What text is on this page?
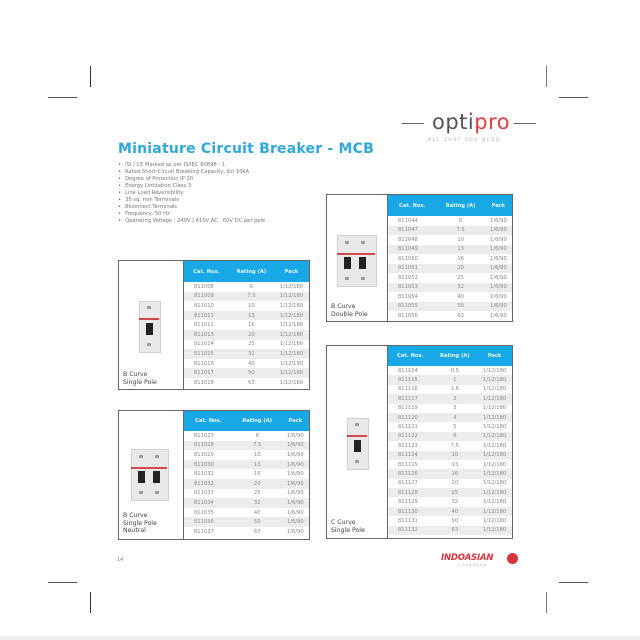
optipro
ALL THAT YOU NEED
Miniature Circuit Breaker - MCB
• ISI / CE Marked as per IS/IEC 60898 - 1
• Rated Short-Circuit Breaking Capacity, Icn 10kA
• Degree of Protection IP 20
• Energy Limitation Class 3
• Line Load Reversibility
• 35 sq. mm Terminals
• Biconnect Terminals
• Frequency: 50 Hz
• Operating Voltage : 240V / 415V AC , 60V DC per pole
B Curve
Double Pole
Cat. Nos.	Rating (A)	Pack
811044	6	1/6/90
811047	7.5	1/6/90
811048	10	1/6/90
811049	13	1/6/90
811050	16	1/6/90
811051	20	1/6/90
811052	25	1/6/90
811053	32	1/6/90
811054	40	1/6/90
811055	50	1/6/90
811056	63	1/6/90
B Curve
Single Pole
Cat. Nos.	Rating (A)	Pack
811008	6	1/12/180
811009	7.5	1/12/180
811010	10	1/12/180
811011	13	1/12/180
811012	16	1/12/180
811013	20	1/12/180
811014	25	1/12/180
811015	32	1/12/180
811016	40	1/12/180
811017	50	1/12/180
811018	63	1/12/180
C Curve
Single Pole
Cat. Nos.	Rating (A)	Pack
811114	0.5	1/12/180
811115	1	1/12/180
811116	1.6	1/12/180
811117	2	1/12/180
811119	3	1/12/180
811120	4	1/12/180
811121	5	1/12/180
811122	6	1/12/180
811123	7.5	1/12/180
811124	10	1/12/180
811125	13	1/12/180
811126	16	1/12/180
811127	20	1/12/180
811128	25	1/12/180
811129	32	1/12/180
811130	40	1/12/180
811131	50	1/12/180
811132	63	1/12/180
B Curve
Single Pole
Neutral
Cat. Nos.	Rating (A)	Pack
811027	6	1/6/90
811028	7.5	1/6/90
811029	10	1/6/90
811030	13	1/6/90
811031	16	1/6/90
811032	20	1/6/90
811033	25	1/6/90
811034	32	1/6/90
811035	40	1/6/90
811036	50	1/6/90
811037	63	1/6/90
14	INDOASIAN
FUSEGEAR
